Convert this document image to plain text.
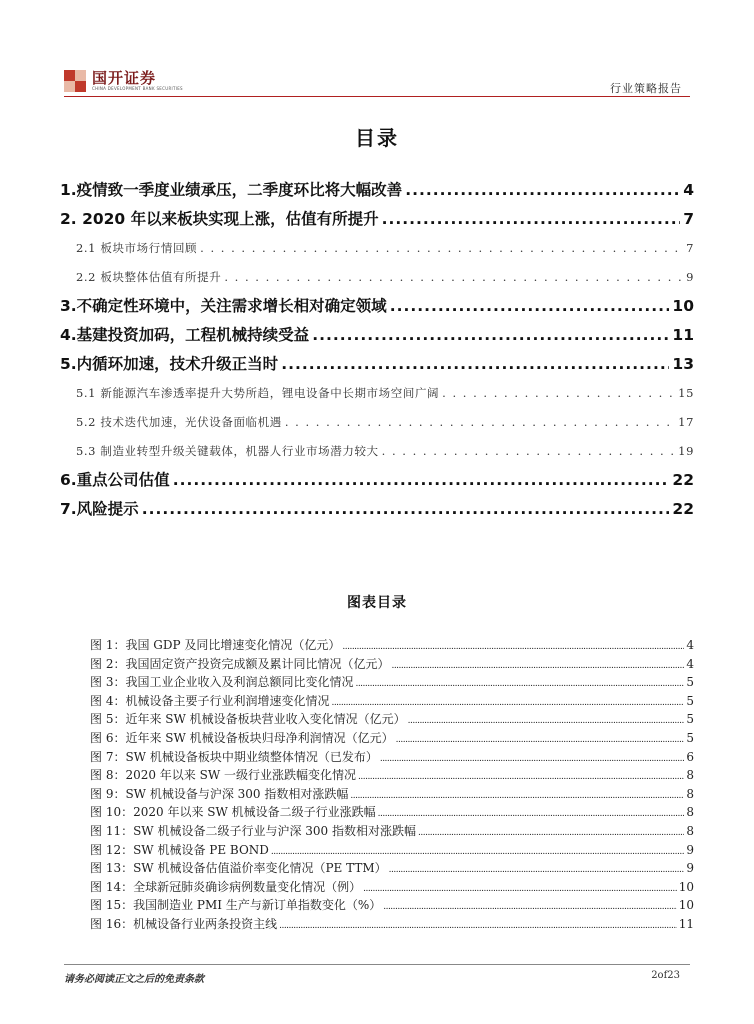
国开证券
CHINA DEVELOPMENT BANK SECURITIES	行业策略报告
目录
1.疫情致一季度业绩承压，二季度环比将大幅改善 . . .	4
2. 2020 年以来板块实现上涨，估值有所提升 . . .	7
2.1 板块市场行情回顾 . . .	7
2.2 板块整体估值有所提升 . . .	9
3.不确定性环境中，关注需求增长相对确定领域 . . .	10
4.基建投资加码，工程机械持续受益 . . .	11
5.内循环加速，技术升级正当时 . . .	13
5.1 新能源汽车渗透率提升大势所趋，锂电设备中长期市场空间广阔 . . .	15
5.2 技术迭代加速，光伏设备面临机遇 . . .	17
5.3 制造业转型升级关键载体，机器人行业市场潜力较大 . . .	19
6.重点公司估值 . . .	22
7.风险提示 . . .	22
图表目录
图 1：我国 GDP 及同比增速变化情况（亿元） .....	4
图 2：我国固定资产投资完成额及累计同比情况（亿元） .....	4
图 3：我国工业企业收入及利润总额同比变化情况 .....	5
图 4：机械设备主要子行业利润增速变化情况 .....	5
图 5：近年来 SW 机械设备板块营业收入变化情况（亿元） .....	5
图 6：近年来 SW 机械设备板块归母净利润情况（亿元） .....	5
图 7：SW 机械设备板块中期业绩整体情况（已发布） .....	6
图 8：2020 年以来 SW 一级行业涨跌幅变化情况 .....	8
图 9：SW 机械设备与沪深 300 指数相对涨跌幅 .....	8
图 10：2020 年以来 SW 机械设备二级子行业涨跌幅 .....	8
图 11：SW 机械设备二级子行业与沪深 300 指数相对涨跌幅 .....	8
图 12：SW 机械设备 PE BOND .....	9
图 13：SW 机械设备估值溢价率变化情况（PE TTM） .....	9
图 14：全球新冠肺炎确诊病例数量变化情况（例） .....	10
图 15：我国制造业 PMI 生产与新订单指数变化（%） .....	10
图 16：机械设备行业两条投资主线 .....	11
请务必阅读正文之后的免责条款	2of23
